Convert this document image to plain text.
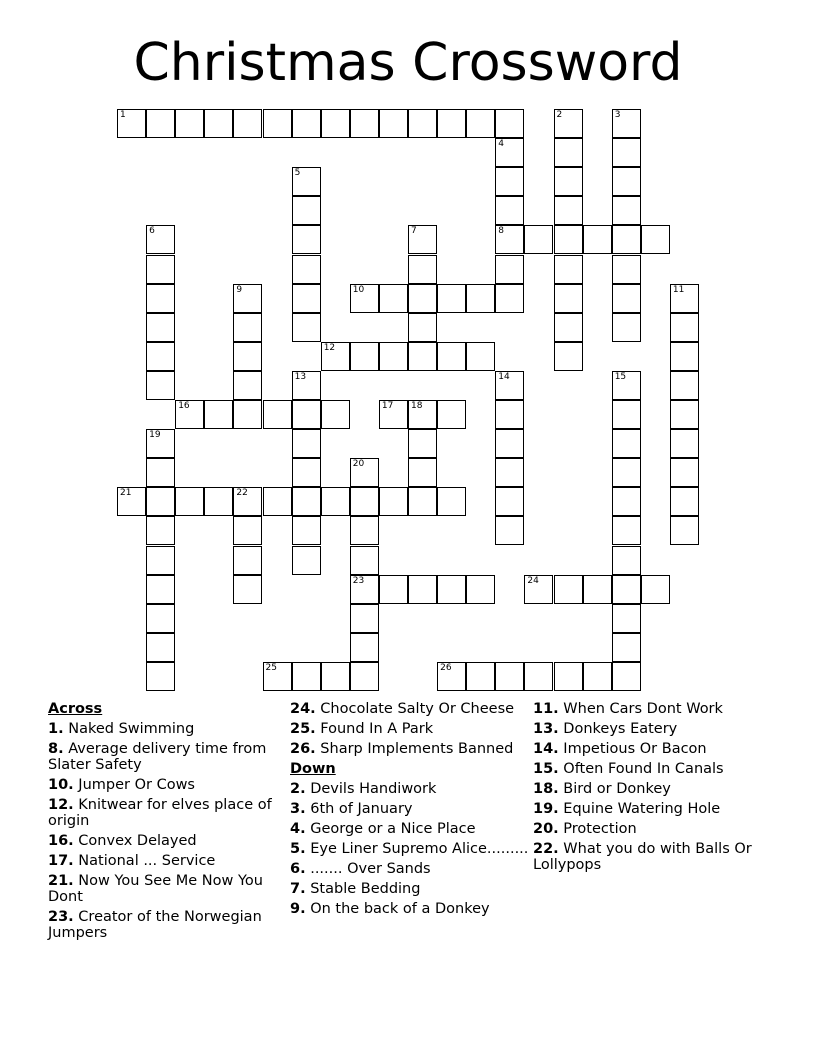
Christmas Crossword
1	2	3
4
5
6	7	8
9	10	11
12
13	14	15
16	17 18
19
20
21	22
23	24
25	26
Across
1. Naked Swimming
8. Average delivery time from Slater Safety
10. Jumper Or Cows
12. Knitwear for elves place of origin
16. Convex Delayed
17. National ... Service
21. Now You See Me Now You Dont
23. Creator of the Norwegian Jumpers
24. Chocolate Salty Or Cheese
25. Found In A Park
26. Sharp Implements Banned
Down
2. Devils Handiwork
3. 6th of January
4. George or a Nice Place
5. Eye Liner Supremo Alice.........
6. ....... Over Sands
7. Stable Bedding
9. On the back of a Donkey
11. When Cars Dont Work
13. Donkeys Eatery
14. Impetious Or Bacon
15. Often Found In Canals
18. Bird or Donkey
19. Equine Watering Hole
20. Protection
22. What you do with Balls Or Lollypops
